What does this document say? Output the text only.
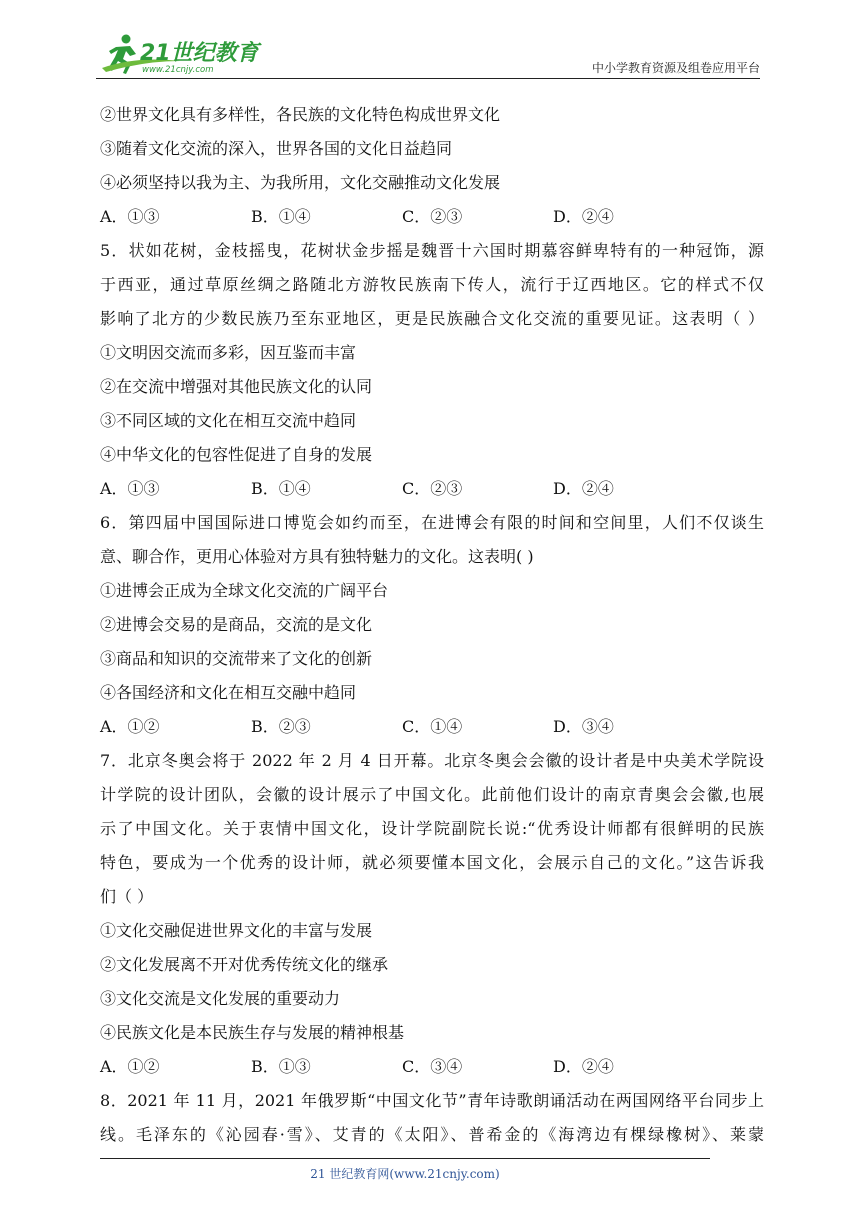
21世纪教育
www.21cnjy.com	中小学教育资源及组卷应用平台
②世界文化具有多样性，各民族的文化特色构成世界文化
③随着文化交流的深入，世界各国的文化日益趋同
④必须坚持以我为主、为我所用，文化交融推动文化发展
A．①③	B．①④	C．②③	D．②④
5．状如花树，金枝摇曳，花树状金步摇是魏晋十六国时期慕容鲜卑特有的一种冠饰，源
于西亚，通过草原丝绸之路随北方游牧民族南下传人，流行于辽西地区。它的样式不仅
影响了北方的少数民族乃至东亚地区，更是民族融合文化交流的重要见证。这表明（ ）
①文明因交流而多彩，因互鉴而丰富
②在交流中增强对其他民族文化的认同
③不同区域的文化在相互交流中趋同
④中华文化的包容性促进了自身的发展
A．①③	B．①④	C．②③	D．②④
6．第四届中国国际进口博览会如约而至，在进博会有限的时间和空间里，人们不仅谈生
意、聊合作，更用心体验对方具有独特魅力的文化。这表明( )
①进博会正成为全球文化交流的广阔平台
②进博会交易的是商品，交流的是文化
③商品和知识的交流带来了文化的创新
④各国经济和文化在相互交融中趋同
A．①②	B．②③	C．①④	D．③④
7．北京冬奥会将于 2022 年 2 月 4 日开幕。北京冬奥会会徽的设计者是中央美术学院设
计学院的设计团队，会徽的设计展示了中国文化。此前他们设计的南京青奥会会徽,也展
示了中国文化。关于衷情中国文化，设计学院副院长说:“优秀设计师都有很鲜明的民族
特色，要成为一个优秀的设计师，就必须要懂本国文化，会展示自己的文化。”这告诉我
们（ ）
①文化交融促进世界文化的丰富与发展
②文化发展离不开对优秀传统文化的继承
③文化交流是文化发展的重要动力
④民族文化是本民族生存与发展的精神根基
A．①②	B．①③	C．③④	D．②④
8．2021 年 11 月，2021 年俄罗斯“中国文化节”青年诗歌朗诵活动在两国网络平台同步上
线。毛泽东的《沁园春·雪》、艾青的《太阳》、普希金的《海湾边有棵绿橡树》、莱蒙
21 世纪教育网(www.21cnjy.com)
